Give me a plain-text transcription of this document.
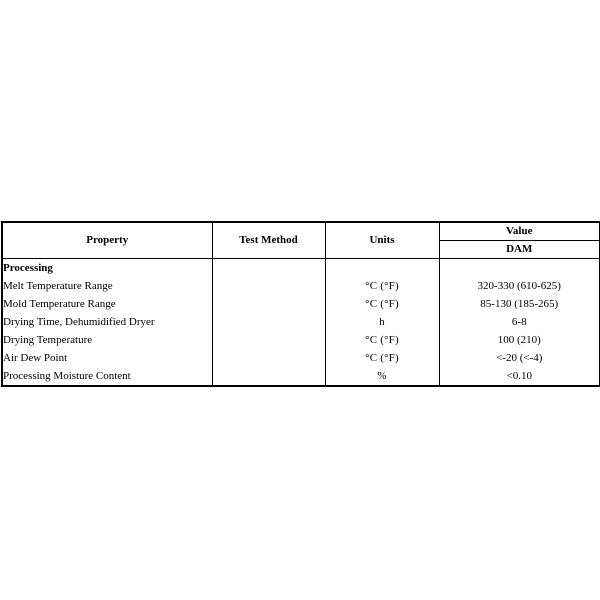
Property	Test Method	Units	Value
			DAM
Processing			
Melt Temperature Range		°C (°F)	320-330 (610-625)
Mold Temperature Range		°C (°F)	85-130 (185-265)
Drying Time, Dehumidified Dryer		h	6-8
Drying Temperature		°C (°F)	100 (210)
Air Dew Point		°C (°F)	<-20 (<-4)
Processing Moisture Content		%	<0.10
